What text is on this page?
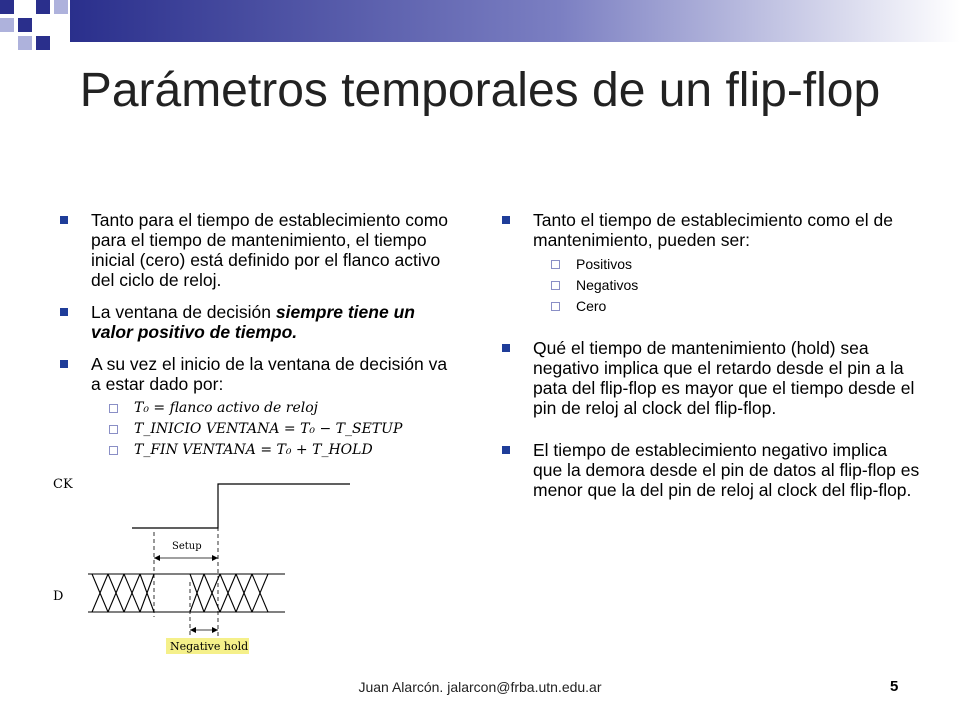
Parámetros temporales de un flip-flop
Tanto para el tiempo de establecimiento como para el tiempo de mantenimiento, el tiempo inicial (cero) está definido por el flanco activo del ciclo de reloj.
La ventana de decisión siempre tiene un valor positivo de tiempo.
A su vez el inicio de la ventana de decisión va a estar dado por:
T₀ = flanco activo de reloj
T_INICIO VENTANA = T₀ − T_SETUP
T_FIN VENTANA = T₀ + T_HOLD
Tanto el tiempo de establecimiento como el de mantenimiento, pueden ser:
Positivos
Negativos
Cero
Qué el tiempo de mantenimiento (hold) sea negativo implica que el retardo desde el pin a la pata del flip-flop es mayor que el tiempo desde el pin de reloj al clock del flip-flop.
El tiempo de establecimiento negativo implica que la demora desde el pin de datos al flip-flop es menor que la del pin de reloj al clock del flip-flop.
CK
Setup
D
Negative hold
Juan Alarcón. jalarcon@frba.utn.edu.ar	5
